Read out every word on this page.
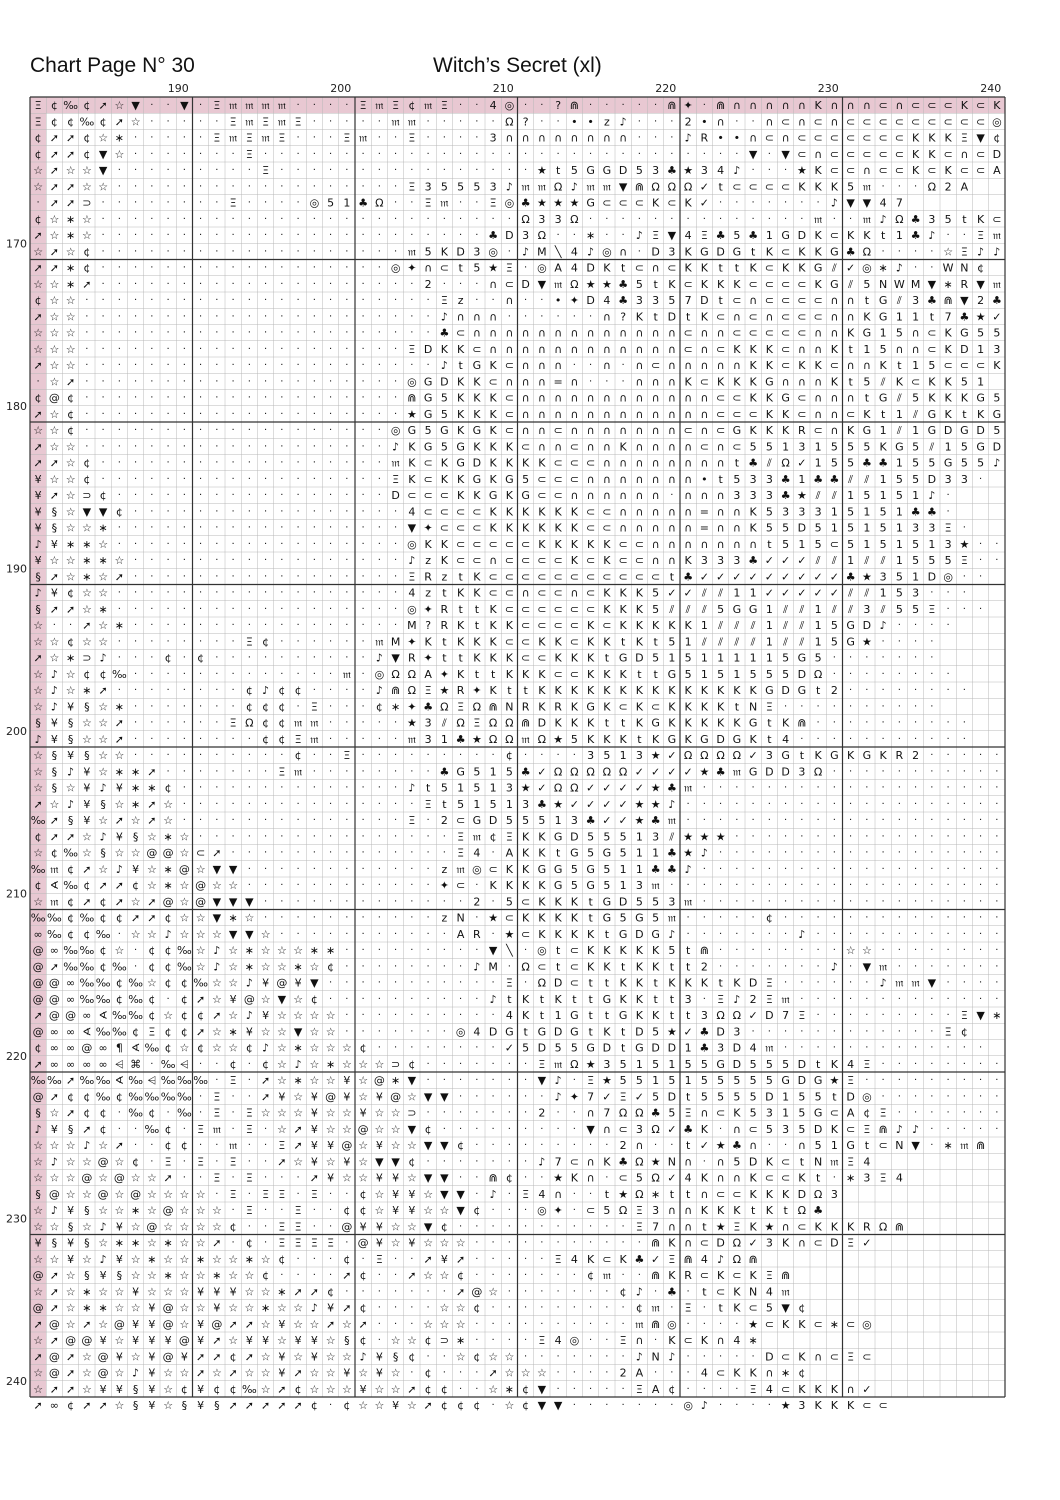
Chart Page N° 30	Witch’s Secret (xl)
190	200	210	220	230	240
170
180
190
200
210
220
230
240
Ξ ¢ ‰ ¢ ➚ ☆ ▼ · · ▼ · Ξ 𝔪 𝔪 𝔪 𝔪 · · · · Ξ 𝔪 Ξ ¢ 𝔪 Ξ · · 4 ◎ · · ? ⋒ · · · · · ⋒ ✦ · ⋒ ∩ ∩ ∩ ∩ ∩ K ∩ ∩ ∩ ⊂ ∩ ⊂ ⊂ ⊂ K ⊂ K
Ξ ¢ ¢ ‰ ¢ ➚ ☆ · · · · · Ξ 𝔪 Ξ 𝔪 Ξ · · · · · 𝔪 𝔪 · · · · · Ω ? · · • • z ♪ · · · 2 • ∩ · · ∩ ⊂ ∩ ⊂ ∩ ⊂ ⊂ ⊂ ⊂ ⊂ ⊂ ⊂ ⊂ ⊂ ◎
¢ ➚ ➚ ¢ ☆ ∗ · · · · · Ξ 𝔪 Ξ 𝔪 Ξ · · · Ξ 𝔪 · · Ξ · · · · 3 ∩ ∩ ∩ ∩ ∩ ∩ ∩ ∩ · · · ♪ R • • ∩ ⊂ ∩ ⊂ ⊂ ⊂ ⊂ ⊂ ⊂ ⊂ K K K Ξ ▼ ¢
¢ ➚ ➚ ¢ ▼ ☆ · · · · · · · Ξ · · · · · · · · · · · · · · · · · · · · · · · · · · · · · · ▼ · ▼ ⊂ ∩ ⊂ ⊂ ⊂ ⊂ ⊂ K K ⊂ ∩ ⊂ D
☆ ➚ ☆ ☆ ▼ · · · · · · · · · Ξ · · · · · · · · · · · · · · · · ★ t 5 G G D 5 3 ♣ ★ 3 4 ♪ · · · ★ K ⊂ ⊂ ∩ ⊂ ⊂ K ⊂ K ⊂ ⊂ A
☆ ➚ ➚ ☆ ☆ · · · · · · · · · · · · · · · · · · Ξ 3 5 5 5 3 ♪ 𝔪 𝔪 Ω ♪ 𝔪 𝔪 ▼ ⋒ Ω Ω Ω ✓ t ⊂ ⊂ ⊂ ⊂ K K K 5 𝔪 · · · Ω 2 A
· ➚ ➚ ⊃ · · · · · · · · Ξ · · · · ◎ 5 1 ♣ Ω · · Ξ 𝔪 · · Ξ ◎ ♣ ★ ★ ★ G ⊂ ⊂ ⊂ K ⊂ K ✓ · · · · · · · ♪ ▼ ▼ 4 7
¢ ☆ ∗ ☆ · · · · · · · · · · · · · · · · · · · · · · · · · · Ω 3 3 Ω · · · · · · · · · · · · · · 𝔪 · · 𝔪 ♪ Ω ♣ 3 5 t K ⊂
➚ ☆ ∗ ☆ · · · · · · · · · · · · · · · · · · · · · · · · ♣ D 3 Ω · · ∗ · · ♪ Ξ ▼ 4 Ξ ♣ 5 ♣ 1 G D K ⊂ K K t 1 ♣ ♪ · · Ξ 𝔪
☆ ➚ ☆ ¢ · · · · · · · · · · · · · · · · · · · 𝔪 5 K D 3 ◎ · ♪ M ╲ 4 ♪ ◎ ∩ · D 3 K G D G t K ⊂ K K G ♣ Ω · · · · ☆ Ξ ♪ ♪
➚ ➚ ∗ ¢ · · · · · · · · · · · · · · · · · · ◎ ✦ ∩ ⊂ t 5 ★ Ξ · ◎ A 4 D K t ⊂ ∩ ⊂ K K t t K ⊂ K K G ⫽ ✓ ◎ ∗ ♪ · · W N ¢
☆ ☆ ∗ ➚ · · · · · · · · · · · · · · · · · · · · 2 · · · ∩ ⊂ D ▼ 𝔪 Ω ★ ★ ♣ 5 t K ⊂ K K K ⊂ ⊂ ⊂ ⊂ K G ⫽ 5 N W M ▼ ∗ R ▼ 𝔪
¢ ☆ ☆ · · · · · · · · · · · · · · · · · · · · · · Ξ z · · ∩ · · • ✦ D 4 ♣ 3 3 5 7 D t ⊂ ∩ ⊂ ⊂ ⊂ ⊂ ∩ ∩ t G ⫽ 3 ♣ ⋒ ▼ 2 ♣
➚ ☆ ☆ · · · · · · · · · · · · · · · · · · · · · · ♪ ∩ ∩ ∩ · · · · · · ∩ ? K t D t K ⊂ ∩ ⊂ ∩ ⊂ ⊂ ⊂ ∩ ∩ K G 1 1 t 7 ♣ ★ ✓
☆ ☆ ☆ · · · · · · · · · · · · · · · · · · · · · · ♣ ⊂ ∩ ∩ ∩ ∩ ∩ ∩ ∩ ∩ ∩ ∩ ∩ ∩ ∩ ⊂ ∩ ∩ ⊂ ⊂ ⊂ ⊂ ⊂ ∩ ∩ K G 1 5 ∩ ⊂ K G 5 5
☆ ☆ ☆ · · · · · · · · · · · · · · · · · · · · Ξ D K K ⊂ ∩ ∩ ∩ ∩ ∩ ∩ ∩ ∩ ∩ ∩ ∩ ∩ ⊂ ∩ ⊂ K K K ⊂ ∩ ∩ K t 1 5 ∩ ∩ ⊂ K D 1 3
➚ ☆ ☆ · · · · · · · · · · · · · · · · · · · · · · ♪ t G K ⊂ ∩ ∩ ∩ · · ∩ · ∩ ⊂ ∩ ∩ ∩ ∩ ∩ K K ⊂ K K ⊂ ∩ ∩ K t 1 5 ⊂ ⊂ ⊂ K
· ☆ ➚ · · · · · · · · · · · · · · · · · · · · ◎ G D K K ⊂ ∩ ∩ ∩ = ∩ · · · ∩ ∩ ∩ K ⊂ K K K G ∩ ∩ ∩ K t 5 ⫽ K ⊂ K K 5 1
¢ @ ¢ · · · · · · · · · · · · · · · · · · · · ⋒ G 5 K K K ⊂ ∩ ∩ ∩ ∩ ∩ ∩ ∩ ∩ ∩ ∩ ∩ ∩ ⊂ ⊂ K K G ⊂ ∩ ∩ ∩ t G ⫽ 5 K K K G 5
➚ ☆ ¢ · · · · · · · · · · · · · · · · · · · · ★ G 5 K K K ⊂ ∩ ∩ ∩ ∩ ∩ ∩ ∩ ∩ ∩ ∩ ∩ ∩ ⊂ ⊂ ⊂ K K ⊂ ∩ ∩ ⊂ K t 1 ⫽ G K t K G
☆ ☆ ¢ · · · · · · · · · · · · · · · · · · · ◎ G 5 G K G K ⊂ ∩ ∩ ⊂ ∩ ∩ ∩ ∩ ∩ ∩ ∩ ⊂ ∩ ⊂ G K K K R ⊂ ∩ K G 1 ⫽ 1 G D G D 5
➚ ☆ ☆ · · · · · · · · · · · · · · · · · · · ♪ K G 5 G K K K ⊂ ∩ ∩ ⊂ ∩ ∩ K ∩ ∩ ∩ ∩ ⊂ ∩ ⊂ 5 5 1 3 1 5 5 5 K G 5 ⫽ 1 5 G D
➚ ➚ ☆ ¢ · · · · · · · · · · · · · · · · · · 𝔪 K ⊂ K G D K K K K ⊂ ⊂ ⊂ ∩ ∩ ∩ ∩ ∩ ∩ ∩ ∩ t ♣ ⫽ Ω ✓ 1 5 5 ♣ ♣ 1 5 5 G 5 5 ♪
¥ ☆ ☆ ¢ · · · · · · · · · · · · · · · · · · Ξ K ⊂ K K G K G 5 ⊂ ⊂ ⊂ ∩ ∩ ∩ ∩ ∩ ∩ ∩ • t 5 3 3 ♣ 1 ♣ ♣ ⫽ ⫽ 1 5 5 D 3 3 ·
¥ ➚ ☆ ⊃ ¢ · · · · · · · · · · · · · · · · · D ⊂ ⊂ ⊂ K K G K G ⊂ ⊂ ∩ ∩ ∩ ∩ ∩ ∩ · ∩ ∩ ∩ 3 3 3 ♣ ★ ⫽ ⫽ 1 5 1 5 1 ♪ ·
¥ § ☆ ▼ ▼ ¢ · · · · · · · · · · · · · · · · · 4 ⊂ ⊂ ⊂ ⊂ K K K K K K ⊂ ⊂ ∩ ∩ ∩ ∩ ∩ = ∩ ∩ K 5 3 3 3 1 5 1 5 1 ♣ ♣ ·
¥ § ☆ ☆ ∗ · · · · · · · · · · · · · · · · · · ▼ ✦ ⊂ ⊂ ⊂ K K K K K K ⊂ ⊂ ∩ ∩ ∩ ∩ ∩ = ∩ ∩ K 5 5 D 5 1 5 1 5 1 3 3 Ξ ·
♪ ¥ ∗ ∗ ☆ · · · · · · · · · · · · · · · · · · ◎ K K ⊂ ⊂ ⊂ ⊂ ⊂ K K K K K ⊂ ⊂ ∩ ∩ ∩ ∩ ∩ ∩ ∩ t 5 1 5 ⊂ 5 1 5 1 5 1 3 ★ · ·
¥ ☆ ☆ ∗ ∗ ☆ · · · · · · · · · · · · · · · · · ♪ z K ⊂ ⊂ ∩ ⊂ ⊂ ⊂ ⊂ K ⊂ K ⊂ ⊂ ∩ ∩ K 3 3 3 ♣ ✓ ✓ ✓ ⫽ ⫽ 1 ⫽ ⫽ 1 5 5 5 Ξ · ·
§ ➚ ☆ ∗ ☆ ➚ · · · · · · · · · · · · · · · · · Ξ R z t K ⊂ ⊂ ⊂ ⊂ ⊂ ⊂ ⊂ ⊂ ⊂ ⊂ ⊂ t ♣ ✓ ✓ ✓ ✓ ✓ ✓ ✓ ✓ ✓ ♣ ★ 3 5 1 D ◎ · ·
♪ ¥ ¢ ☆ ☆ · · · · · · · · · · · · · · · · · · 4 z t K K ⊂ ⊂ ∩ ⊂ ⊂ ∩ ⊂ K K K 5 ✓ ✓ ⫽ ⫽ 1 1 ✓ ✓ ✓ ✓ ✓ ⫽ ⫽ 1 5 3 · · ·
§ ➚ ➚ ☆ ∗ · · · · · · · · · · · · · · · · · · ◎ ✦ R t t K ⊂ ⊂ ⊂ ⊂ ⊂ ⊂ K K K 5 ⫽ ⫽ ⫽ 5 G G 1 ⫽ ⫽ 1 ⫽ ⫽ 3 ⫽ 5 5 Ξ · · ·
☆ · · ➚ ☆ ∗ · · · · · · · · · · · · · · · · · M ? R K t K K ⊂ ⊂ ⊂ ⊂ K ⊂ K K K K K 1 ⫽ ⫽ ⫽ 1 ⫽ ⫽ 1 5 G D ♪ · · · ·
☆ ☆ ¢ ☆ ☆ · · · · · · · · Ξ ¢ · · · · · · 𝔪 M ✦ K t K K K ⊂ ⊂ K K ⊂ K K t K t 5 1 ⫽ ⫽ ⫽ ⫽ 1 ⫽ ⫽ 1 5 G ★ · · · ·
➚ ☆ ∗ ⊃ ♪ · · · ¢ · ¢ · · · · · · · · · · ♪ ▼ R ✦ t t K K K ⊂ ⊂ K K K t G D 5 1 5 1 1 1 1 1 5 G 5 · · · · · · ·
☆ ♪ ☆ ¢ ¢ ‰ · · · · · · · · · · · · · 𝔪 · ◎ Ω Ω A ✦ K t t K K K ⊂ ⊂ K K K t t G 5 1 5 1 5 5 5 D Ω · · · · · · · ·
☆ ♪ ☆ ∗ ➚ · · · · · · · · ¢ ♪ ¢ ¢ · · · · ♪ ⋒ Ω Ξ ★ R ✦ K t t K K K K K K K K K K K K K K G D G t 2 · · · · · · · ·
☆ ♪ ¥ § ☆ ∗ · · · · · · · ¢ ¢ ¢ · Ξ · · · ¢ ∗ ✦ ♣ Ω Ξ Ω ⋒ N R K R K G K ⊂ K ⊂ K K K K t N Ξ · · · · · · · · · ·
§ ¥ § ☆ ☆ ➚ · · · · · · Ξ Ω ¢ ¢ 𝔪 𝔪 · · · · · ★ 3 ⫽ Ω Ξ Ω Ω ⋒ D K K K t t K G K K K K K G t K ⋒ · · · · · · · · · ·
♪ ¥ § ☆ ☆ ➚ · · · · · · · · ¢ ¢ Ξ 𝔪 · · · · · 𝔪 3 1 ♣ ★ Ω Ω 𝔪 Ω ★ 5 K K K t K G K G D G K t 4 · · · · · · · · · · ·
☆ § ¥ § ☆ ☆ · · · · · · · · · · ¢ · · Ξ · · · · · · · · · ¢ · · · · 3 5 1 3 ★ ✓ Ω Ω Ω Ω ✓ 3 G t K G K G K R 2 · · · · ·
☆ § ♪ ¥ ☆ ∗ ∗ ➚ · · · · · · · Ξ 𝔪 · · · · · · · · ♣ G 5 1 5 ♣ ✓ Ω Ω Ω Ω Ω ✓ ✓ ✓ ✓ ★ ♣ 𝔪 G D D 3 Ω · · · · · · · · · · ·
☆ § ☆ ¥ ♪ ¥ ∗ ∗ ¢ · · · · · · · · · · · · · · ♪ t 5 1 5 1 3 ★ ✓ Ω Ω ✓ ✓ ✓ ✓ ★ ♣ 𝔪 · · · · · · · · · · · · · · · · · · ·
➚ ☆ ♪ ¥ § ☆ ∗ ➚ ☆ · · · · · · · · · · · · · · · Ξ t 5 1 5 1 3 ♣ ★ ✓ ✓ ✓ ✓ ★ ★ ♪ · · · · · · · · · · · · · · · · · · · ·
‰ ➚ § ¥ ☆ ➚ ☆ ➚ ☆ · · · · · · · · · · · · · · Ξ · 2 ⊂ G D 5 5 5 1 3 ♣ ✓ ✓ ★ ♣ 𝔪 · · · · · · · · · · · · · · · · · · · ·
¢ ➚ ➚ ☆ ♪ ¥ § ☆ ∗ ☆ · · · · · · · · · · · · · · · · Ξ 𝔪 ¢ Ξ K K G D 5 5 5 1 3 ⫽ ★ ★ ★ · · · · · · · · · · · · · · · · ·
☆ ¢ ‰ ☆ § ☆ ☆ @ @ ☆ ⊂ ➚ · · · · · · · · · · · · · · Ξ 4 · A K K t G 5 G 5 1 1 ♣ ★ ♪ · · · · · · · · · · · · · · · · · ·
‰ 𝔪 ¢ ➚ ☆ ♪ ¥ ☆ ∗ @ ☆ ▼ ▼ · · · · · · · · · · · · z 𝔪 ◎ ⊂ K K G G 5 G 5 1 1 ♣ ♣ ♪ · · · · · · · · · · · · · · · · · · ·
¢ ∢ ‰ ¢ ➚ ➚ ¢ ☆ ∗ ☆ @ ☆ ☆ · · · · · · · · · · · · ✦ ⊂ · K K K K G 5 G 5 1 3 𝔪 · · · · · · · · · · · · · · · · · · · · ·
☆ 𝔪 ¢ ➚ ¢ ➚ ☆ ➚ @ ☆ @ ▼ ▼ ▼ · · · · · · · · · · · · · 2 · 5 ⊂ K K K t G D 5 5 3 𝔪 · · · · · · · · · · · · · · · · · · ·
‰ ‰ ¢ ‰ ¢ ¢ ➚ ➚ ¢ ☆ ☆ ▼ ∗ ☆ · · · · · · · · · · · z N · ★ ⊂ K K K K t G 5 G 5 𝔪 · · · · · ¢ · · · · · · · · · · · · · ·
∞ ‰ ¢ ¢ ‰ · ☆ ☆ ♪ ☆ ☆ ☆ ▼ ▼ ☆ · · · · · · · · · · · A R · ★ ⊂ K K K K t G D G ♪ · · · · · · · ♪ · · · · · · · · · · · ·
@ ∞ ‰ ‰ ¢ ☆ · ¢ ¢ ‰ ☆ ♪ ☆ ∗ ☆ ☆ ☆ ∗ ∗ · · · · · · · · · ▼ ╲ · ◎ t ⊂ K K K K K 5 t ⋒ · · · · · · · · ☆ ☆ · · · · · · · ·
@ ➚ ‰ ‰ ¢ ‰ · ¢ ¢ ‰ ☆ ♪ ☆ ∗ ☆ ☆ ∗ ☆ ¢ · · · · · · · · ♪ M · Ω ⊂ t ⊂ K K t K K t t 2 · · · · · · · ♪ · ▼ 𝔪 · · · · · · ·
@ @ ∞ ‰ ‰ ¢ ‰ ☆ ¢ ¢ ‰ ☆ ☆ ♪ ¥ @ ¥ ▼ · · · · · · · · · · · Ξ · Ω D ⊂ t t K K t K K K t K D Ξ · · · · · · ♪ 𝔪 𝔪 ▼ · · · ·
@ @ ∞ ‰ ‰ ¢ ‰ ¢ · ¢ ➚ ☆ ¥ @ ☆ ▼ ☆ ¢ · · · · · · · · · · ♪ t K t K t t G K K t t 3 · Ξ ♪ 2 Ξ 𝔪 · · · · · · · · · · · · ·
➚ @ @ ∞ ∢ ‰ ‰ ¢ ☆ ¢ ¢ ➚ ☆ ♪ ¥ ☆ ☆ ☆ ☆ · · · · · · · · · · 4 K t 1 G t t G K K t t 3 Ω Ω ✓ D 7 Ξ · · · · · · · · · Ξ ▼ ∗
@ ∞ ∞ ∢ ‰ ‰ ¢ Ξ ¢ ¢ ➚ ☆ ∗ ¥ ☆ ☆ ▼ ☆ ☆ · · · · · · · ◎ 4 D G t G D G t K t D 5 ★ ✓ ♣ D 3 · · · · · · · · · · · · Ξ ¢
¢ ∞ ∞ @ ∞ ¶ ∢ ‰ ¢ ☆ ¢ ☆ ☆ ¢ ♪ ☆ ∗ ☆ ☆ ☆ ¢ · · · · · · · · ✓ 5 D 5 5 G D t G D D 1 ♣ 3 D 4 𝔪 · · · · · · · · · · · · ·
➚ ∞ ∞ ∞ ∞ ⩤ ⌘ · ‰ ⩤ · · ¢ · ¢ ☆ ♪ ☆ ∗ ☆ ☆ ☆ ⊃ ¢ · · · · · · · Ξ 𝔪 Ω ★ 3 5 1 5 1 5 5 G D 5 5 5 D t K 4 Ξ · · · · · · · ·
‰ ‰ ➚ ‰ ‰ ∢ ‰ ⩤ ‰ ‰ ‰ · Ξ · ➚ ☆ ∗ ☆ ☆ ¥ ☆ @ ∗ ▼ · · · · · · · ▼ ♪ · Ξ ★ 5 5 1 5 1 5 5 5 5 5 G D G ★ Ξ · · · · · · · · ·
@ ➚ ¢ ¢ ‰ ¢ ‰ ‰ ‰ ‰ · Ξ · · ➚ ¥ ☆ ¥ @ ¥ ☆ ¥ @ ☆ ▼ ▼ · · · · · · ♪ ✦ 7 ✓ Ξ ✓ 5 D t 5 5 5 5 D 1 5 5 t D ◎ · · · · · · · ·
§ ☆ ➚ ¢ ¢ · ‰ ¢ · ‰ · Ξ · Ξ ☆ ☆ ☆ ¥ ☆ ☆ ¥ ☆ ☆ ⊃ · · · · · · · 2 · · ∩ 7 Ω Ω ♣ 5 Ξ ∩ ⊂ K 5 3 1 5 G ⊂ A ¢ Ξ · · · · · · ·
♪ ¥ § ➚ ¢ · · ‰ ¢ · Ξ 𝔪 · Ξ · ☆ ➚ ¥ ☆ ☆ @ ☆ ☆ ▼ ¢ · · · · · · · · · ▼ ∩ ⊂ 3 Ω ✓ ♣ K · ∩ ⊂ 5 3 5 D K ⊂ Ξ ⋒ ♪ ♪ · · · · ·
☆ ☆ ☆ ♪ ☆ ➚ · · ¢ ¢ · · 𝔪 · · Ξ ➚ ¥ ¥ @ ☆ ¥ ☆ ☆ ▼ ▼ ¢ · · · · · · · · · 2 ∩ · · t ✓ ★ ♣ ∩ · · ∩ 5 1 G t ⊂ N ▼ · ∗ 𝔪 ⋒
☆ ♪ ☆ ☆ @ ☆ ¢ · Ξ · Ξ · Ξ · · ➚ ☆ ¥ ☆ ¥ ☆ ▼ ▼ ¢ · · · · · · · ♪ 7 ⊂ ∩ K ♣ Ω ★ N ∩ · ∩ 5 D K ⊂ t N 𝔪 Ξ 4
☆ ☆ ☆ @ ☆ @ ☆ ☆ ➚ · · Ξ · Ξ · · · ➚ ¥ ☆ ☆ ¥ ¥ ☆ ▼ ▼ · · ⋒ ¢ · · ★ K ∩ · ⊂ 5 Ω ✓ 4 K ∩ ∩ K ⊂ ⊂ K t · ∗ 3 Ξ 4
§ @ ☆ ☆ @ ☆ @ ☆ ☆ ☆ ☆ · Ξ · Ξ Ξ · Ξ · · ¢ ☆ ¥ ¥ ☆ ▼ ▼ · ♪ · Ξ 4 ∩ · · t ★ Ω ∗ t t ∩ ⊂ ⊂ K K K D Ω 3
☆ ♪ ¥ § ☆ ☆ ∗ ☆ @ ☆ ☆ ☆ · Ξ · · Ξ · · ¢ ¢ ☆ ¥ ¥ ☆ ☆ ▼ ¢ · · · ◎ ✦ · ⊂ 5 Ω Ξ 3 ∩ ∩ K K K t K t Ω ♣
☆ ☆ § ☆ ♪ ¥ ☆ @ ☆ ☆ ☆ ☆ ¢ · · Ξ Ξ · · @ ¥ ¥ ☆ ☆ ▼ ¢ · · · · · · · · · · · Ξ 7 ∩ ∩ t ★ Ξ K ★ ∩ ⊂ K K K R Ω ⋒
¥ § ¥ § ☆ ∗ ∗ ☆ ∗ ☆ ☆ ➚ · ¢ · Ξ Ξ Ξ Ξ · @ ¥ ☆ ¥ ☆ ☆ ☆ · · · · · · · · · · · ⋒ K ∩ ⊂ D Ω ✓ 3 K ∩ ⊂ D Ξ ✓
☆ ☆ ¥ ☆ ♪ ¥ ☆ ∗ ☆ ☆ ∗ ☆ ☆ ∗ ☆ ¢ · · · ¢ · Ξ · · ➚ ¥ ➚ · · · · · Ξ 4 K ⊂ K ♣ ✓ Ξ ⋒ 4 ♪ Ω ⋒
@ ➚ ☆ § ¥ § ☆ ☆ ∗ ☆ ☆ ∗ ☆ ☆ ¢ · · · · ➚ ¢ · · ➚ ☆ ☆ ¢ · · · · · · · ¢ 𝔪 · · ⋒ K R ⊂ K ⊂ K Ξ ⋒
☆ ➚ ☆ ∗ ☆ ☆ ¥ ☆ ☆ ☆ ¥ ¥ ¥ ☆ ☆ ∗ ➚ ➚ ¢ · · · · · · · ➚ @ ☆ · · · · · · · ¢ ♪ · ♣ · t ⊂ K N 4 𝔪
@ ➚ ☆ ∗ ∗ ☆ ☆ ¥ @ ☆ ☆ ¥ ☆ ☆ ∗ ☆ ☆ ♪ ¥ ➚ ¢ · · · · ☆ ☆ ¢ · · · · · · · · · ¢ 𝔪 · Ξ · t K ⊂ 5 ▼ ¢
➚ @ ☆ ➚ ☆ @ ¥ ¥ @ ☆ ¥ @ ➚ ➚ ☆ ¥ ☆ ☆ ➚ ☆ ➚ · · · ☆ ☆ ☆ · · · · · · · · · · 𝔪 ⋒ ◎ · · · · ★ ⊂ K K ⊂ ∗ ⊂ ◎
☆ ➚ @ @ ¥ ☆ ¥ ¥ ¥ @ ¥ ➚ ☆ ¥ ¥ ☆ ¥ ¥ ☆ § ¢ · ☆ ☆ ¢ ⊃ ∗ · · · · Ξ 4 ◎ · · Ξ ∩ · K ⊂ K ∩ 4 ∗
➚ @ ➚ ☆ @ ¥ ☆ ¥ @ ¥ ➚ ➚ ¢ ➚ ☆ ¥ ☆ ¥ ☆ ☆ ♪ ¥ § ¢ · · ☆ ¢ ☆ ☆ · · · · · · · ♪ N ♪ · · · · · D ⊂ K ∩ ⊂ Ξ ⊂
☆ @ ➚ ☆ @ ☆ ♪ ¥ ☆ ☆ ➚ ☆ ➚ ☆ ☆ ¥ ➚ ☆ ☆ ¥ ☆ ¥ ☆ · ¢ · · · ➚ ☆ ☆ ☆ · · · · 2 A · · · 4 ⊂ K K ∩ ∗ ¢
☆ ➚ ➚ ☆ ¥ ¥ § ¥ ☆ ¢ ¥ ¢ ¢ ‰ ☆ ➚ ¢ ☆ ☆ ☆ ¥ ☆ ☆ ➚ ¢ ¢ · · ☆ ∗ ¢ ▼ · · · · · Ξ A ¢ · · · · Ξ 4 ⊂ K K K ∩ ✓
➚ ∞ ¢ ➚ ➚ ☆ § ¥ ☆ § ¥ § ➚ ➚ ➚ ➚ ➚ ¢ · ¢ ☆ ☆ ¥ ☆ ➚ ¢ ¢ ¢ · ☆ ¢ ▼ ▼ · · · · · · · ◎ ♪ · · · · ★ 3 K K K ⊂ ⊂
